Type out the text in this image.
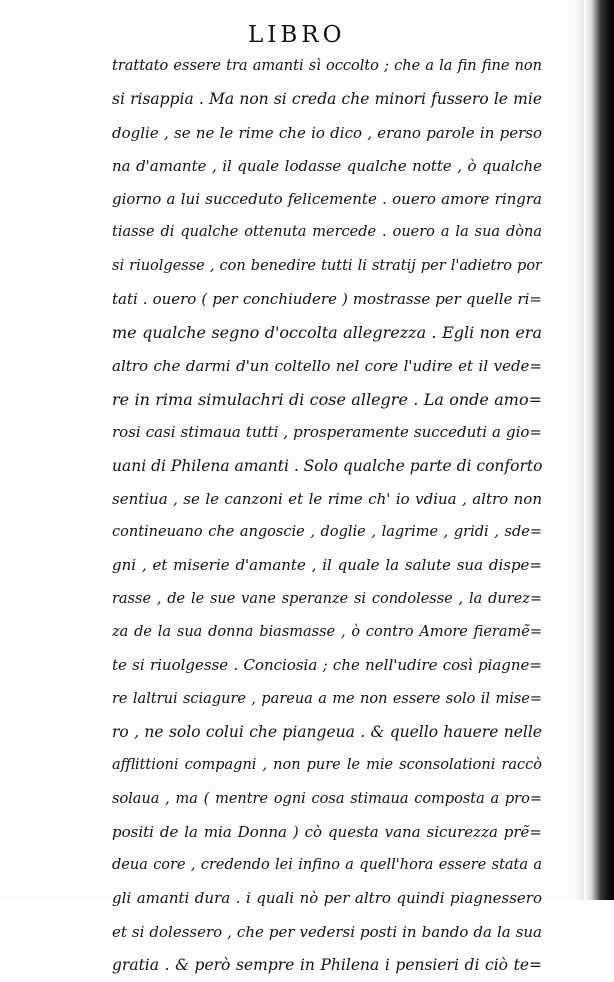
LIBRO
trattato essere tra amanti sì occolto ; che a la fin fine non
si risappia . Ma non si creda che minori fussero le mie
doglie , se ne le rime che io dico , erano parole in perso
na d'amante , il quale lodasse qualche notte , ò qualche
giorno a lui succeduto felicemente . ouero amore ringra
tiasse di qualche ottenuta mercede . ouero a la sua dòna
si riuolgesse , con benedire tutti li stratij per l'adietro por
tati . ouero ( per conchiudere ) mostrasse per quelle ri=
me qualche segno d'occolta allegrezza . Egli non era
altro che darmi d'un coltello nel core l'udire et il vede=
re in rima simulachri di cose allegre . La onde amo=
rosi casi stimaua tutti , prosperamente succeduti a gio=
uani di Philena amanti . Solo qualche parte di conforto
sentiua , se le canzoni et le rime ch' io vdiua , altro non
contineuano che angoscie , doglie , lagrime , gridi , sde=
gni , et miserie d'amante , il quale la salute sua dispe=
rasse , de le sue vane speranze si condolesse , la durez=
za de la sua donna biasmasse , ò contro Amore fieramẽ=
te si riuolgesse . Conciosia ; che nell'udire così piagne=
re laltrui sciagure , pareua a me non essere solo il mise=
ro , ne solo colui che piangeua . & quello hauere nelle
afflittioni compagni , non pure le mie sconsolationi raccò
solaua , ma ( mentre ogni cosa stimaua composta a pro=
positi de la mia Donna ) cò questa vana sicurezza prẽ=
deua core , credendo lei infino a quell'hora essere stata a
gli amanti dura . i quali nò per altro quindi piagnessero
et si dolessero , che per vedersi posti in bando da la sua
gratia . & però sempre in Philena i pensieri di ciò te=
